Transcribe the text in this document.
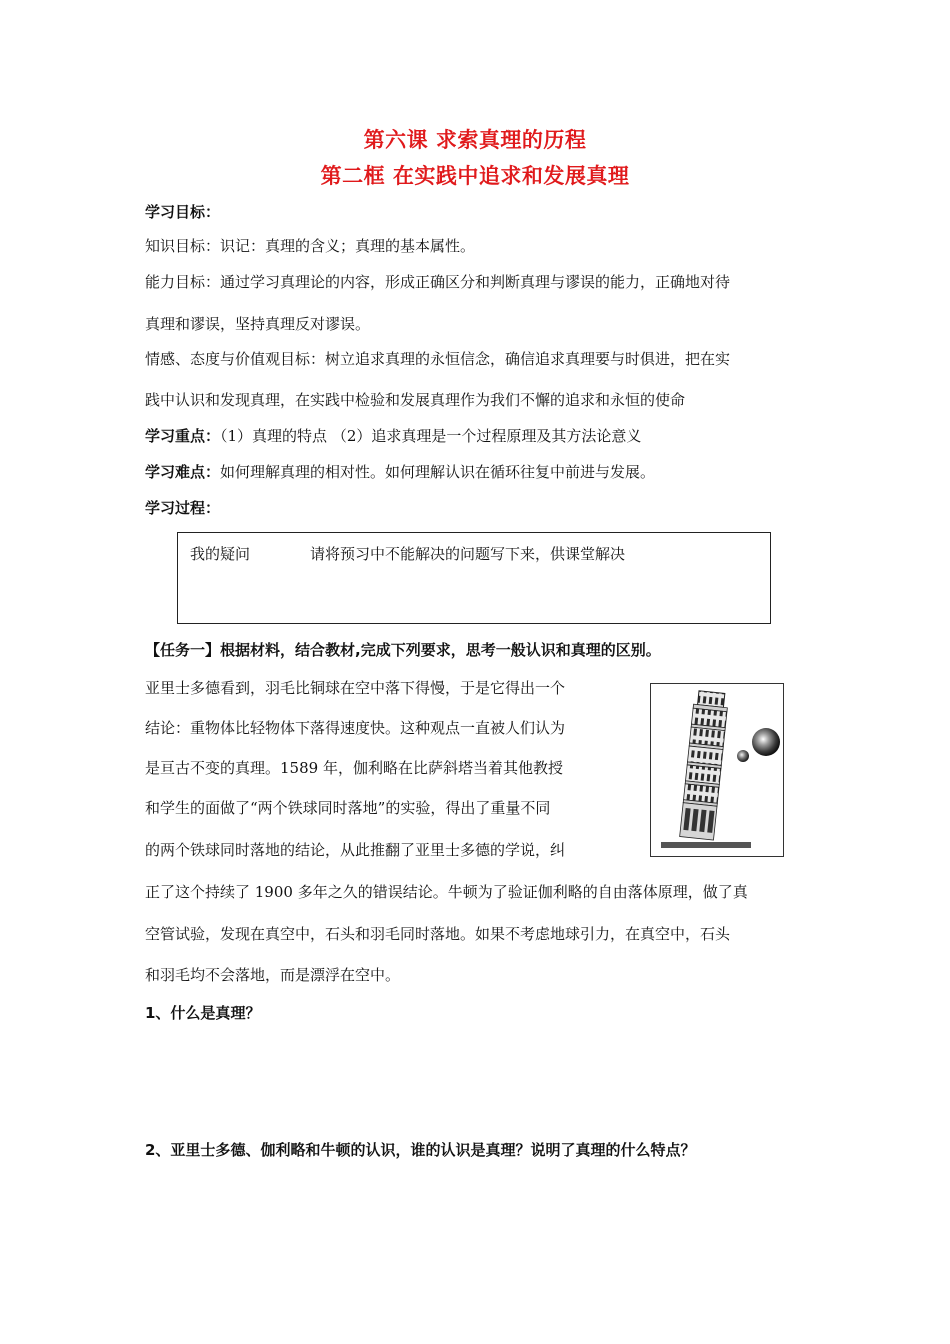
第六课 求索真理的历程
第二框 在实践中追求和发展真理
学习目标：
知识目标：识记：真理的含义；真理的基本属性。
能力目标：通过学习真理论的内容，形成正确区分和判断真理与谬误的能力，正确地对待
真理和谬误，坚持真理反对谬误。
情感、态度与价值观目标：树立追求真理的永恒信念，确信追求真理要与时俱进，把在实
践中认识和发现真理，在实践中检验和发展真理作为我们不懈的追求和永恒的使命
学习重点：（1）真理的特点 （2）追求真理是一个过程原理及其方法论意义
学习难点：如何理解真理的相对性。如何理解认识在循环往复中前进与发展。
学习过程：
我的疑问	请将预习中不能解决的问题写下来，供课堂解决
【任务一】根据材料，结合教材,完成下列要求，思考一般认识和真理的区别。
亚里士多德看到，羽毛比铜球在空中落下得慢，于是它得出一个
结论：重物体比轻物体下落得速度快。这种观点一直被人们认为
是亘古不变的真理。1589 年，伽利略在比萨斜塔当着其他教授
和学生的面做了“两个铁球同时落地”的实验，得出了重量不同
的两个铁球同时落地的结论，从此推翻了亚里士多德的学说，纠
正了这个持续了 1900 多年之久的错误结论。牛顿为了验证伽利略的自由落体原理，做了真
空管试验，发现在真空中，石头和羽毛同时落地。如果不考虑地球引力，在真空中，石头
和羽毛均不会落地，而是漂浮在空中。
1、什么是真理？
2、亚里士多德、伽利略和牛顿的认识，谁的认识是真理？说明了真理的什么特点？
